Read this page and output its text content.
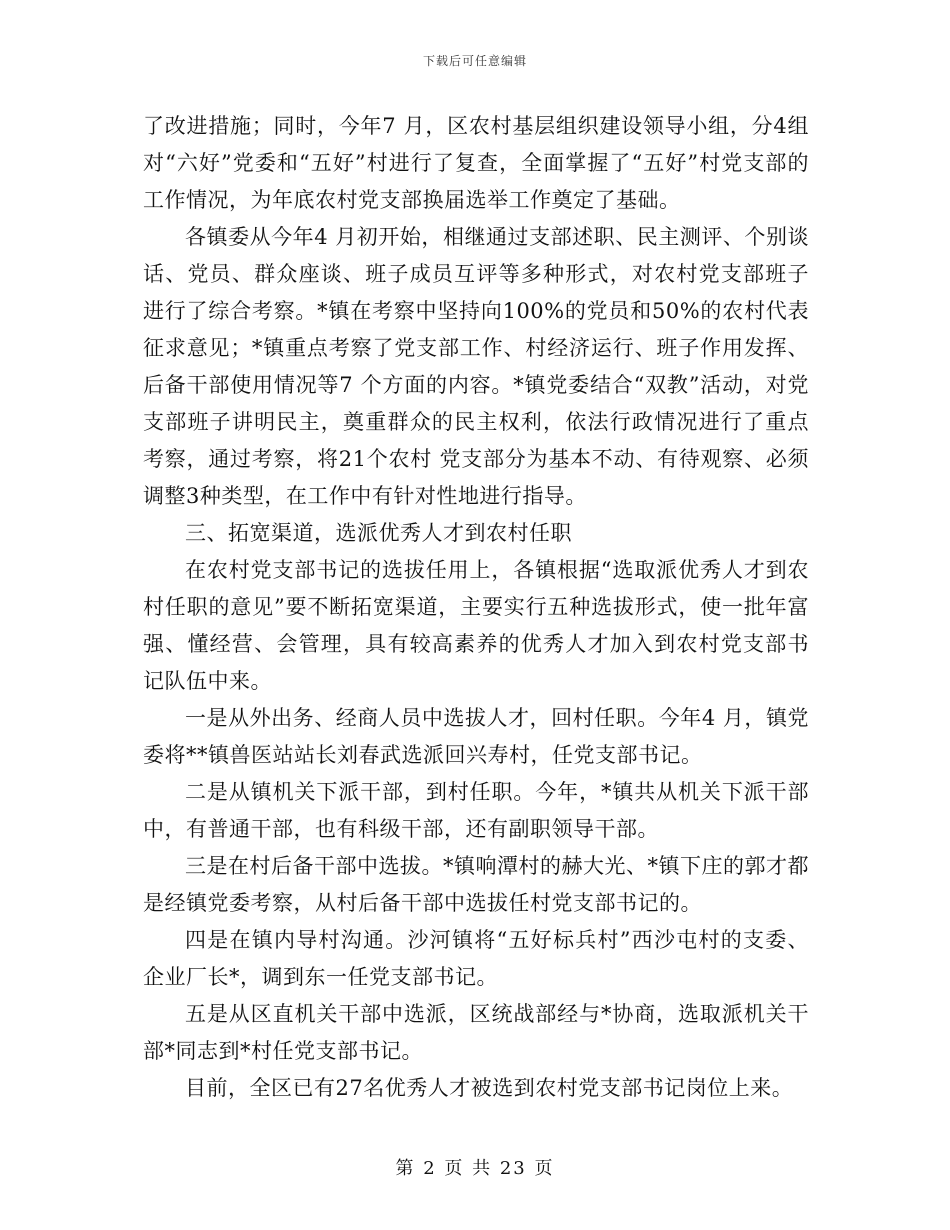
下载后可任意编辑

了改进措施；同时，今年7 月，区农村基层组织建设领导小组，分4组对“六好”党委和“五好”村进行了复查，全面掌握了“五好”村党支部的工作情况，为年底农村党支部换届选举工作奠定了基础。

各镇委从今年4 月初开始，相继通过支部述职、民主测评、个别谈话、党员、群众座谈、班子成员互评等多种形式，对农村党支部班子进行了综合考察。*镇在考察中坚持向100%的党员和50%的农村代表征求意见；*镇重点考察了党支部工作、村经济运行、班子作用发挥、后备干部使用情况等7 个方面的内容。*镇党委结合“双教”活动，对党支部班子讲明民主，奠重群众的民主权利，依法行政情况进行了重点考察，通过考察，将21个农村 党支部分为基本不动、有待观察、必须调整3种类型，在工作中有针对性地进行指导。

三、拓宽渠道，选派优秀人才到农村任职

在农村党支部书记的选拔任用上，各镇根据“选取派优秀人才到农村任职的意见”要不断拓宽渠道，主要实行五种选拔形式，使一批年富强、懂经营、会管理，具有较高素养的优秀人才加入到农村党支部书记队伍中来。

一是从外出务、经商人员中选拔人才，回村任职。今年4 月，镇党委将**镇兽医站站长刘春武选派回兴寿村，任党支部书记。

二是从镇机关下派干部，到村任职。今年，*镇共从机关下派干部中，有普通干部，也有科级干部，还有副职领导干部。

三是在村后备干部中选拔。*镇响潭村的赫大光、*镇下庄的郭才都是经镇党委考察，从村后备干部中选拔任村党支部书记的。

四是在镇内导村沟通。沙河镇将“五好标兵村”西沙屯村的支委、企业厂长*，调到东一任党支部书记。

五是从区直机关干部中选派，区统战部经与*协商，选取派机关干部*同志到*村任党支部书记。

目前，全区已有27名优秀人才被选到农村党支部书记岗位上来。

第 2 页 共 23 页
